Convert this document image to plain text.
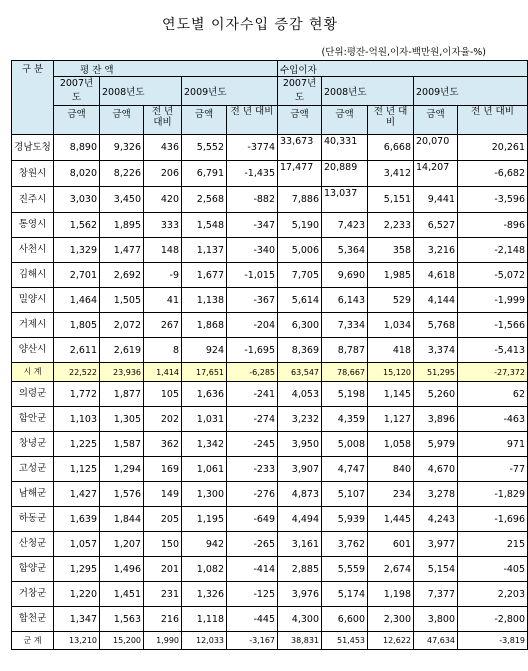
연도별 이자수입 증감 현황
(단위:평잔-억원,이자-백만원,이자율-%)
구 분	평 잔 액					수입이자				
	2007년도	2008년도		2009년도		2007년도	2008년도		2009년도	
	금액	금액	전 년 대비	금액	전 년 대비	금액	금액	전 년 대비	금액	전 년 대비
경남도청	8,890	9,326	436	5,552	-3774	33,673	40,331	6,668	20,070	20,261
창원시	8,020	8,226	206	6,791	-1,435	17,477	20,889	3,412	14,207	-6,682
진주시	3,030	3,450	420	2,568	-882	7,886	13,037	5,151	9,441	-3,596
통영시	1,562	1,895	333	1,548	-347	5,190	7,423	2,233	6,527	-896
사천시	1,329	1,477	148	1,137	-340	5,006	5,364	358	3,216	-2,148
김해시	2,701	2,692	-9	1,677	-1,015	7,705	9,690	1,985	4,618	-5,072
밀양시	1,464	1,505	41	1,138	-367	5,614	6,143	529	4,144	-1,999
거제시	1,805	2,072	267	1,868	-204	6,300	7,334	1,034	5,768	-1,566
양산시	2,611	2,619	8	924	-1,695	8,369	8,787	418	3,374	-5,413
시 계	22,522	23,936	1,414	17,651	-6,285	63,547	78,667	15,120	51,295	-27,372
의령군	1,772	1,877	105	1,636	-241	4,053	5,198	1,145	5,260	62
함안군	1,103	1,305	202	1,031	-274	3,232	4,359	1,127	3,896	-463
창녕군	1,225	1,587	362	1,342	-245	3,950	5,008	1,058	5,979	971
고성군	1,125	1,294	169	1,061	-233	3,907	4,747	840	4,670	-77
남해군	1,427	1,576	149	1,300	-276	4,873	5,107	234	3,278	-1,829
하동군	1,639	1,844	205	1,195	-649	4,494	5,939	1,445	4,243	-1,696
산청군	1,057	1,207	150	942	-265	3,161	3,762	601	3,977	215
함양군	1,295	1,496	201	1,082	-414	2,885	5,559	2,674	5,154	-405
거창군	1,220	1,451	231	1,326	-125	3,976	5,174	1,198	7,377	2,203
합천군	1,347	1,563	216	1,118	-445	4,300	6,600	2,300	3,800	-2,800
군 계	13,210	15,200	1,990	12,033	-3,167	38,831	51,453	12,622	47,634	-3,819
